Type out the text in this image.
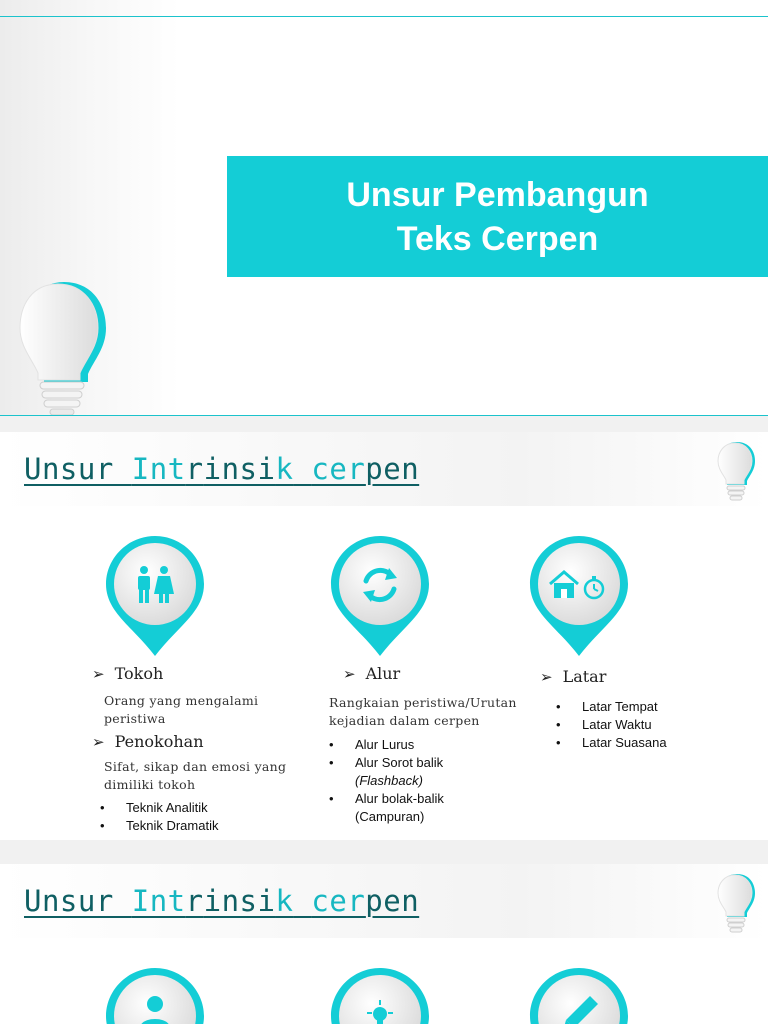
Unsur Pembangun
Teks Cerpen
Unsur Intrinsik_cerpen
➢ Tokoh
Orang yang mengalami peristiwa
➢ Penokohan
Sifat, sikap dan emosi yang dimiliki tokoh
• Teknik Analitik
• Teknik Dramatik
➢ Alur
Rangkaian peristiwa/Urutan kejadian dalam cerpen
• Alur Lurus
• Alur Sorot balik
(Flashback)
• Alur bolak-balik
(Campuran)
➢ Latar
• Latar Tempat
• Latar Waktu
• Latar Suasana
Unsur Intrinsik_cerpen
